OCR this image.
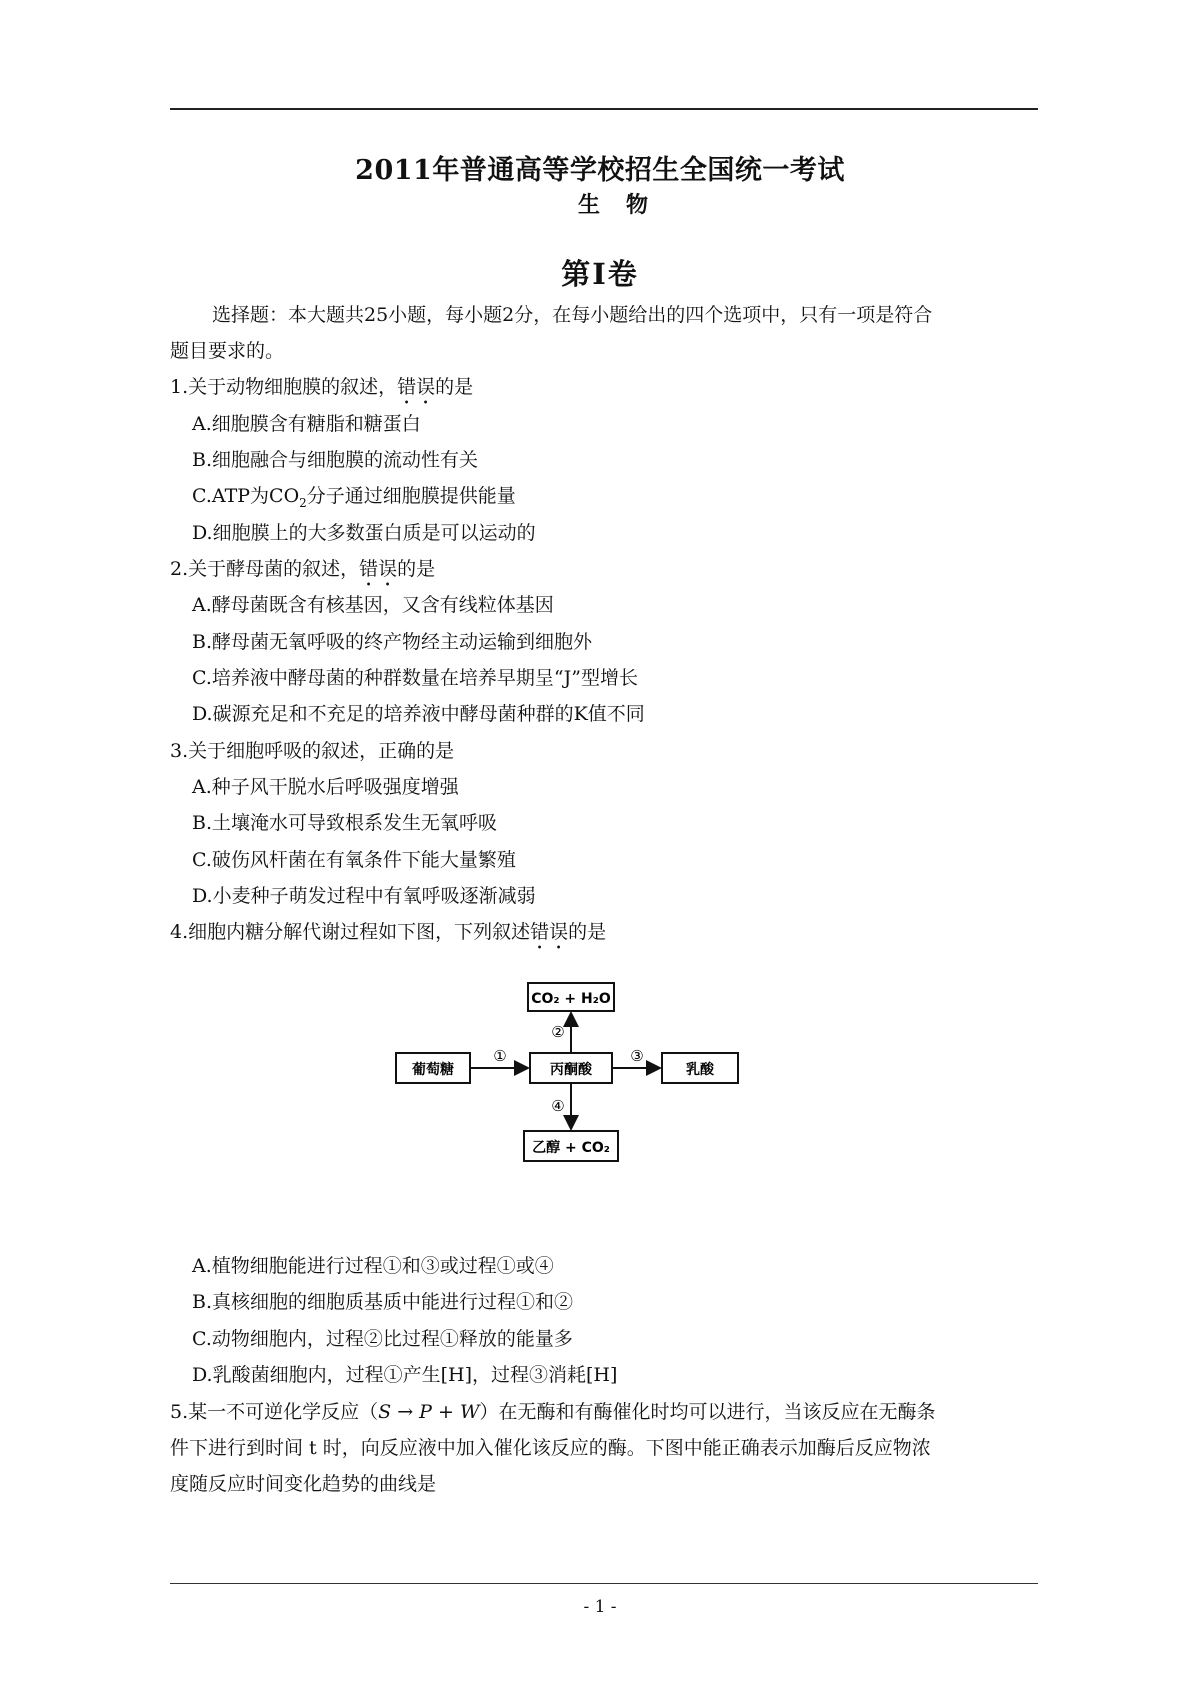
2011年普通高等学校招生全国统一考试
生物
第I卷
选择题：本大题共25小题，每小题2分，在每小题给出的四个选项中，只有一项是符合
题目要求的。
1.关于动物细胞膜的叙述，错误的是
A.细胞膜含有糖脂和糖蛋白
B.细胞融合与细胞膜的流动性有关
C.ATP为$CO_2$分子通过细胞膜提供能量
D.细胞膜上的大多数蛋白质是可以运动的
2.关于酵母菌的叙述，错误的是
A.酵母菌既含有核基因，又含有线粒体基因
B.酵母菌无氧呼吸的终产物经主动运输到细胞外
C.培养液中酵母菌的种群数量在培养早期呈“J”型增长
D.碳源充足和不充足的培养液中酵母菌种群的K值不同
3.关于细胞呼吸的叙述，正确的是
A.种子风干脱水后呼吸强度增强
B.土壤淹水可导致根系发生无氧呼吸
C.破伤风杆菌在有氧条件下能大量繁殖
D.小麦种子萌发过程中有氧呼吸逐渐减弱
4.细胞内糖分解代谢过程如下图，下列叙述错误的是
CO₂ + H₂O
葡萄糖	丙酮酸	乳酸
乙醇 + CO₂
①
②
③
④
A.植物细胞能进行过程①和③或过程①或④
B.真核细胞的细胞质基质中能进行过程①和②
C.动物细胞内，过程②比过程①释放的能量多
D.乳酸菌细胞内，过程①产生[H]，过程③消耗[H]
5.某一不可逆化学反应（S → P + W）在无酶和有酶催化时均可以进行，当该反应在无酶条
件下进行到时间 t 时，向反应液中加入催化该反应的酶。下图中能正确表示加酶后反应物浓
度随反应时间变化趋势的曲线是
- 1 -
